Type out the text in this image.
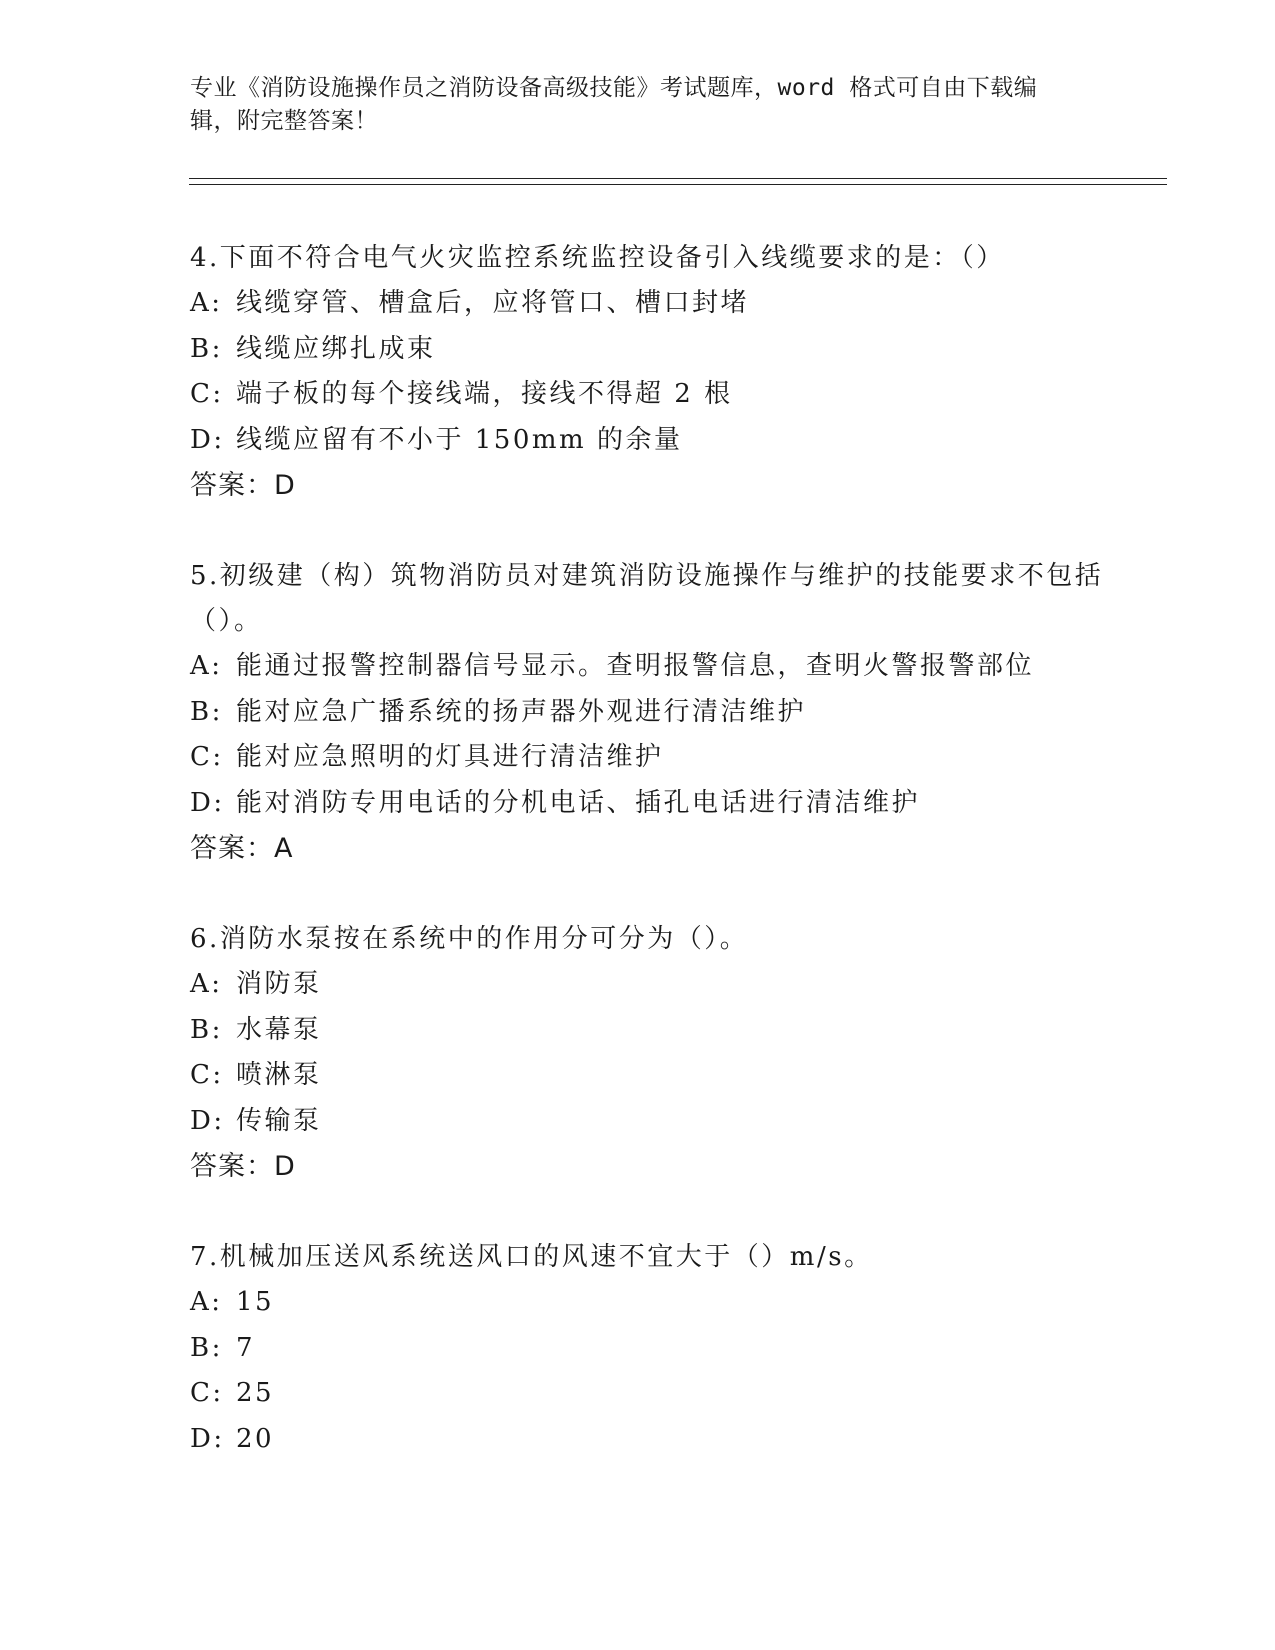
专业《消防设施操作员之消防设备高级技能》考试题库，word 格式可自由下载编
辑，附完整答案！

4.下面不符合电气火灾监控系统监控设备引入线缆要求的是：（）

A: 线缆穿管、槽盒后，应将管口、槽口封堵

B: 线缆应绑扎成束

C: 端子板的每个接线端，接线不得超 2 根

D: 线缆应留有不小于 150mm 的余量

答案：D

5.初级建（构）筑物消防员对建筑消防设施操作与维护的技能要求不包括（）。

A: 能通过报警控制器信号显示。查明报警信息，查明火警报警部位

B: 能对应急广播系统的扬声器外观进行清洁维护

C: 能对应急照明的灯具进行清洁维护

D: 能对消防专用电话的分机电话、插孔电话进行清洁维护

答案：A

6.消防水泵按在系统中的作用分可分为（）。

A: 消防泵

B: 水幕泵

C: 喷淋泵

D: 传输泵

答案：D

7.机械加压送风系统送风口的风速不宜大于（）m/s。

A: 15

B: 7

C: 25

D: 20
